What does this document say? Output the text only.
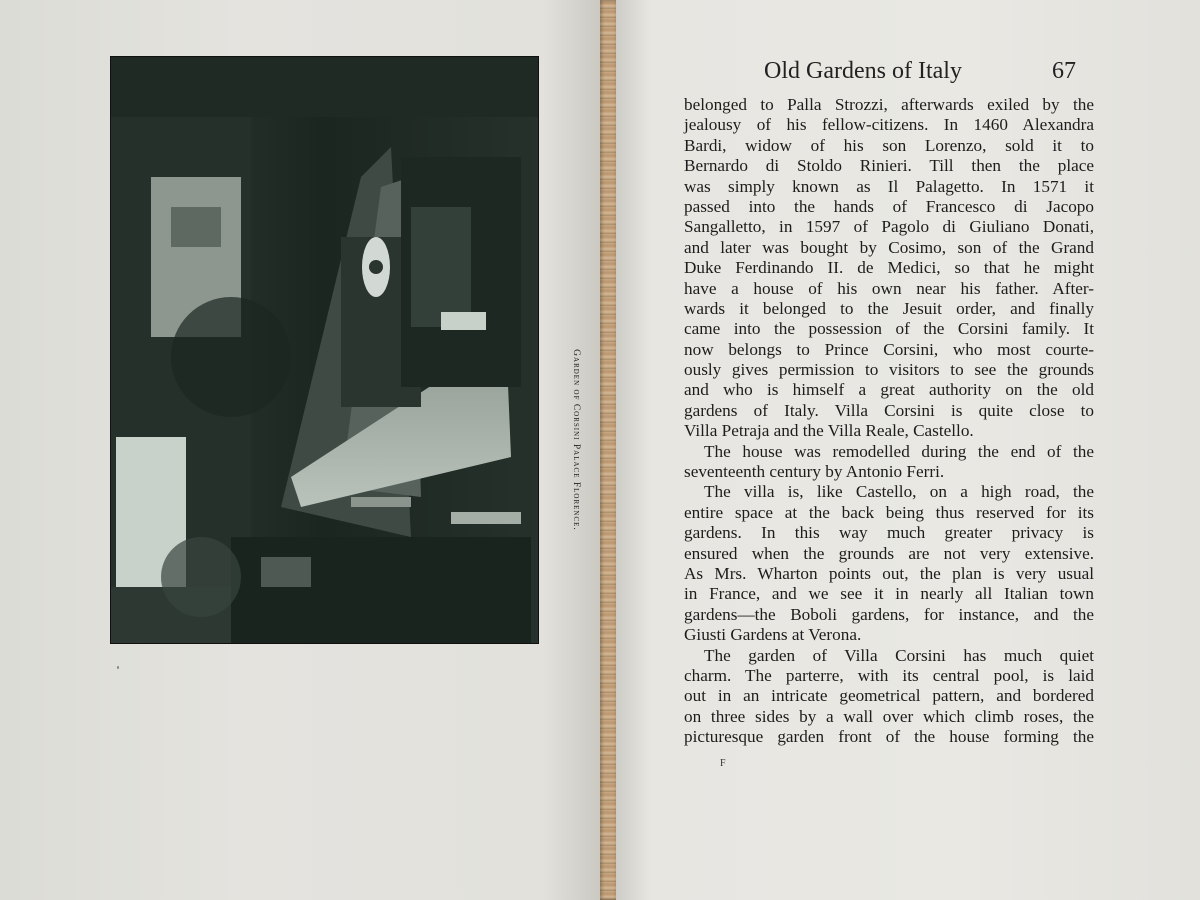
Garden of Corsini Palace Florence.
Old Gardens of Italy	67
belonged to Palla Strozzi, afterwards exiled by the
jealousy of his fellow-citizens. In 1460 Alexandra
Bardi, widow of his son Lorenzo, sold it to
Bernardo di Stoldo Rinieri. Till then the place
was simply known as Il Palagetto. In 1571 it
passed into the hands of Francesco di Jacopo
Sangalletto, in 1597 of Pagolo di Giuliano Donati,
and later was bought by Cosimo, son of the Grand
Duke Ferdinando II. de Medici, so that he might
have a house of his own near his father. After-
wards it belonged to the Jesuit order, and finally
came into the possession of the Corsini family. It
now belongs to Prince Corsini, who most courte-
ously gives permission to visitors to see the grounds
and who is himself a great authority on the old
gardens of Italy. Villa Corsini is quite close to
Villa Petraja and the Villa Reale, Castello.
The house was remodelled during the end of the
seventeenth century by Antonio Ferri.
The villa is, like Castello, on a high road, the
entire space at the back being thus reserved for its
gardens. In this way much greater privacy is
ensured when the grounds are not very extensive.
As Mrs. Wharton points out, the plan is very usual
in France, and we see it in nearly all Italian town
gardens—the Boboli gardens, for instance, and the
Giusti Gardens at Verona.
The garden of Villa Corsini has much quiet
charm. The parterre, with its central pool, is laid
out in an intricate geometrical pattern, and bordered
on three sides by a wall over which climb roses, the
picturesque garden front of the house forming the
F
